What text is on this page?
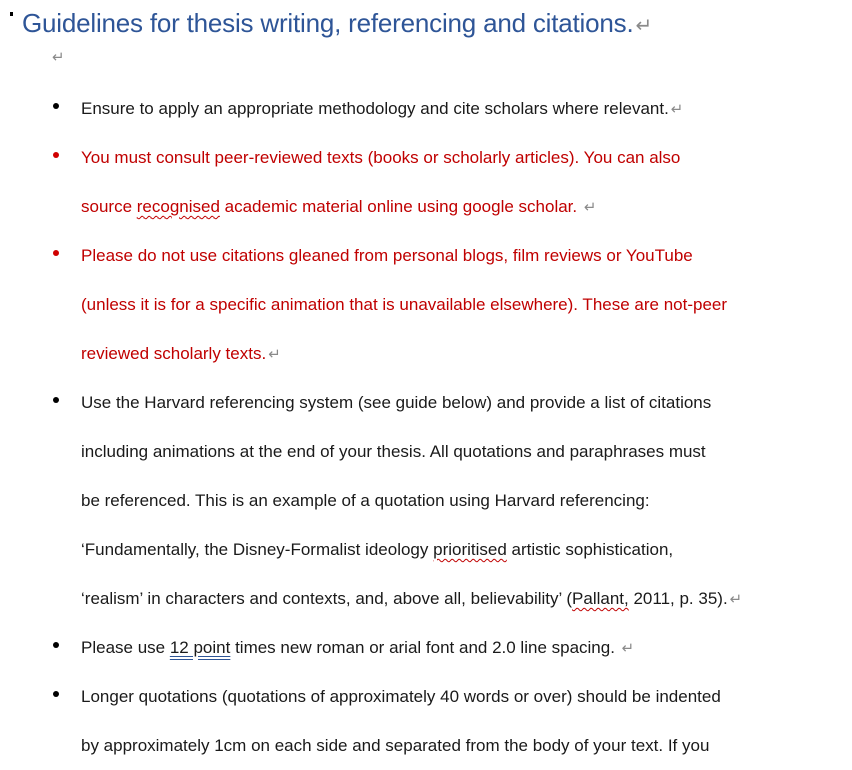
Guidelines for thesis writing, referencing and citations. ↵
↵
Ensure to apply an appropriate methodology and cite scholars where relevant. ↵
You must consult peer-reviewed texts (books or scholarly articles). You can also
source recognised academic material online using google scholar. ↵
Please do not use citations gleaned from personal blogs, film reviews or YouTube
(unless it is for a specific animation that is unavailable elsewhere). These are not-peer
reviewed scholarly texts. ↵
Use the Harvard referencing system (see guide below) and provide a list of citations
including animations at the end of your thesis. All quotations and paraphrases must
be referenced. This is an example of a quotation using Harvard referencing:
‘Fundamentally, the Disney-Formalist ideology prioritised artistic sophistication,
‘realism’ in characters and contexts, and, above all, believability’ (Pallant, 2011, p. 35). ↵
Please use 12 point times new roman or arial font and 2.0 line spacing. ↵
Longer quotations (quotations of approximately 40 words or over) should be indented
by approximately 1cm on each side and separated from the body of your text. If you
